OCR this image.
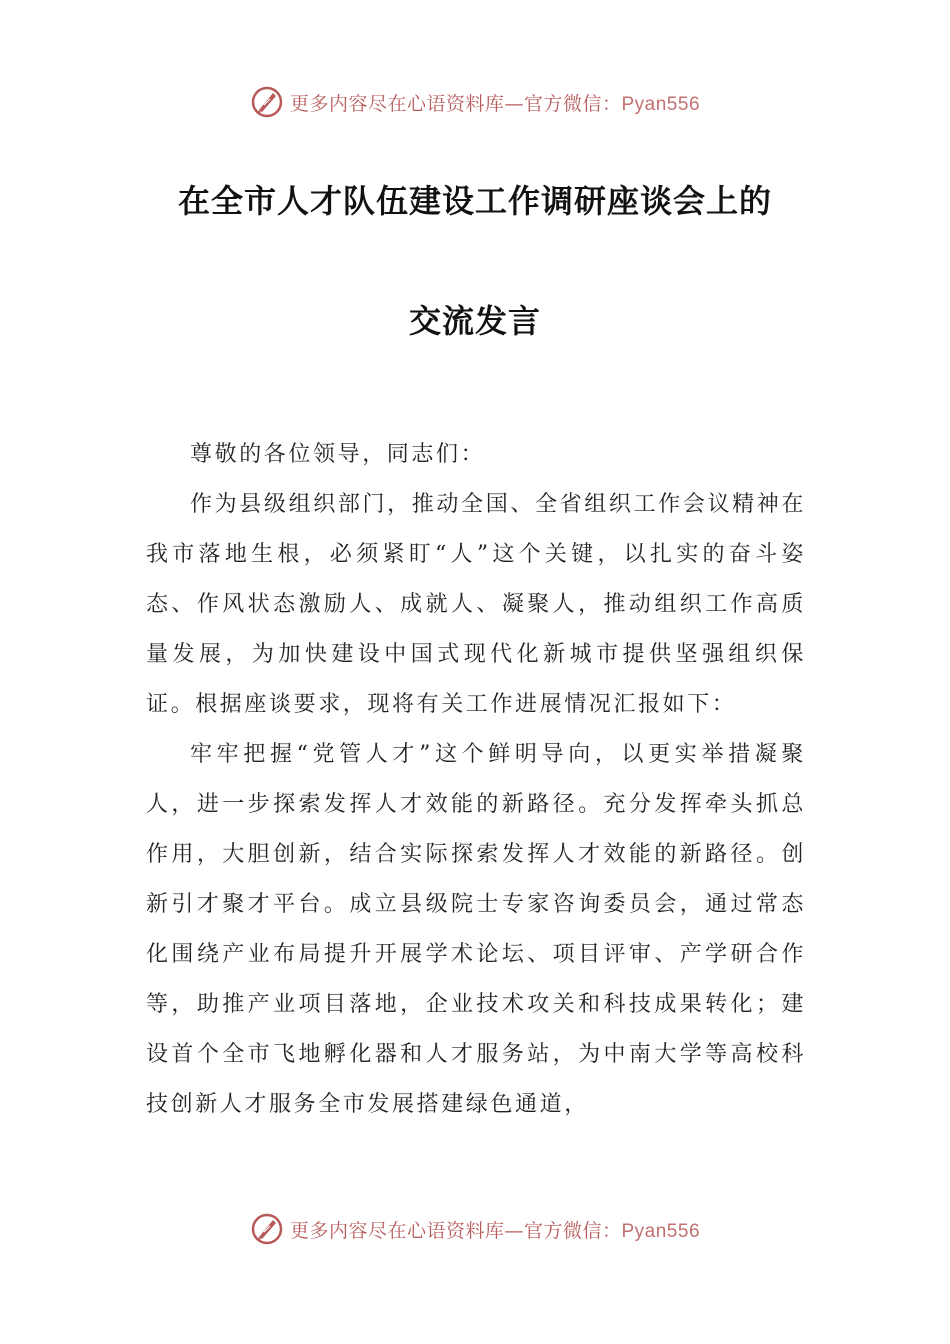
更多内容尽在心语资料库—官方微信：Pyan556
在全市人才队伍建设工作调研座谈会上的
交流发言

尊敬的各位领导，同志们：

作为县级组织部门，推动全国、全省组织工作会议精神在我市落地生根，必须紧盯“人”这个关键，以扎实的奋斗姿态、作风状态激励人、成就人、凝聚人，推动组织工作高质量发展，为加快建设中国式现代化新城市提供坚强组织保证。根据座谈要求，现将有关工作进展情况汇报如下：

牢牢把握“党管人才”这个鲜明导向，以更实举措凝聚人，进一步探索发挥人才效能的新路径。充分发挥牵头抓总作用，大胆创新，结合实际探索发挥人才效能的新路径。创新引才聚才平台。成立县级院士专家咨询委员会，通过常态化围绕产业布局提升开展学术论坛、项目评审、产学研合作等，助推产业项目落地，企业技术攻关和科技成果转化；建设首个全市飞地孵化器和人才服务站，为中南大学等高校科技创新人才服务全市发展搭建绿色通道，

更多内容尽在心语资料库—官方微信：Pyan556
